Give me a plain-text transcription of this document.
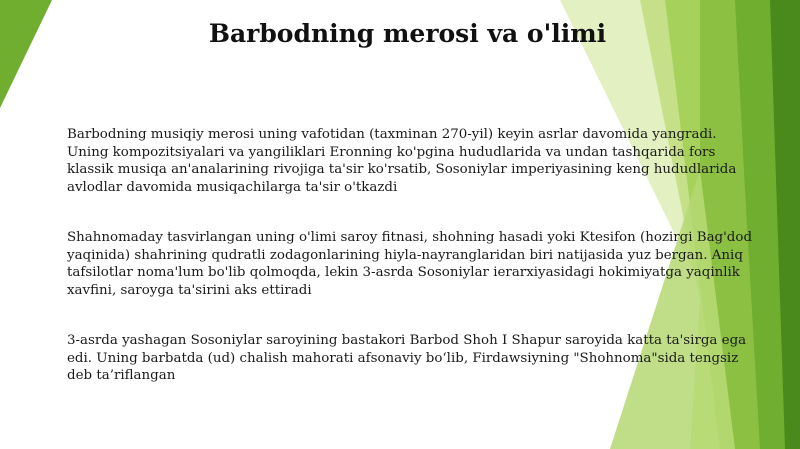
Barbodning merosi va o'limi

Barbodning musiqiy merosi uning vafotidan (taxminan 270-yil) keyin asrlar davomida yangradi. Uning kompozitsiyalari va yangiliklari Eronning ko'pgina hududlarida va undan tashqarida fors klassik musiqa an'analarining rivojiga ta'sir ko'rsatib, Sosoniylar imperiyasining keng hududlarida avlodlar davomida musiqachilarga ta'sir o'tkazdi

Shahnomaday tasvirlangan uning o'limi saroy fitnasi, shohning hasadi yoki Ktesifon (hozirgi Bag'dod yaqinida) shahrining qudratli zodagonlarining hiyla-nayranglaridan biri natijasida yuz bergan. Aniq tafsilotlar noma'lum bo'lib qolmoqda, lekin 3-asrda Sosoniylar ierarxiyasidagi hokimiyatga yaqinlik xavfini, saroyga ta'sirini aks ettiradi

3-asrda yashagan Sosoniylar saroyining bastakori Barbod Shoh I Shapur saroyida katta ta'sirga ega edi. Uning barbatda (ud) chalish mahorati afsonaviy bo‘lib, Firdawsiyning "Shohnoma"sida tengsiz deb ta’riflangan
